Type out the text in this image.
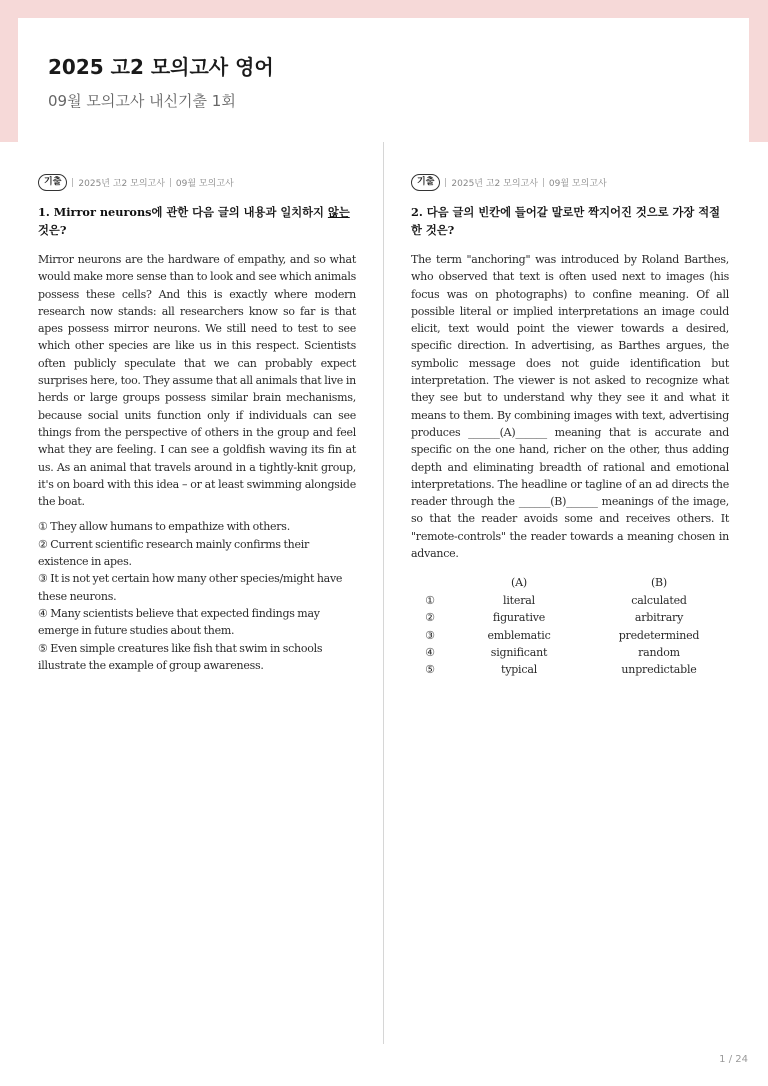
2025 고2 모의고사 영어

09월 모의고사 내신기출 1회

기출	2025년 고2 모의고사 09월 모의고사

1. Mirror neurons에 관한 다음 글의 내용과 일치하지 않는 것은?

Mirror neurons are the hardware of empathy, and so what would make more sense than to look and see which animals possess these cells? And this is exactly where modern research now stands: all researchers know so far is that apes possess mirror neurons. We still need to test to see which other species are like us in this respect. Scientists often publicly speculate that we can probably expect surprises here, too. They assume that all animals that live in herds or large groups possess similar brain mechanisms, because social units function only if individuals can see things from the perspective of others in the group and feel what they are feeling. I can see a goldfish waving its fin at us. As an animal that travels around in a tightly-knit group, it's on board with this idea – or at least swimming alongside the boat.

① They allow humans to empathize with others.

② Current scientific research mainly confirms their existence in apes.

③ It is not yet certain how many other species/might have these neurons.

④ Many scientists believe that expected findings may emerge in future studies about them.

⑤ Even simple creatures like fish that swim in schools illustrate the example of group awareness.

기출	2025년 고2 모의고사 09월 모의고사

2. 다음 글의 빈칸에 들어갈 말로만 짝지어진 것으로 가장 적절한 것은?

The term "anchoring" was introduced by Roland Barthes, who observed that text is often used next to images (his focus was on photographs) to confine meaning. Of all possible literal or implied interpretations an image could elicit, text would point the viewer towards a desired, specific direction. In advertising, as Barthes argues, the symbolic message does not guide identification but interpretation. The viewer is not asked to recognize what they see but to understand why they see it and what it means to them. By combining images with text, advertising produces ______(A)______ meaning that is accurate and specific on the one hand, richer on the other, thus adding depth and eliminating breadth of rational and emotional interpretations. The headline or tagline of an ad directs the reader through the ______(B)______ meanings of the image, so that the reader avoids some and receives others. It "remote-controls" the reader towards a meaning chosen in advance.

(A)	(B)
①	literal	calculated
②	figurative	arbitrary
③	emblematic	predetermined
④	significant	random
⑤	typical	unpredictable
1 / 24
